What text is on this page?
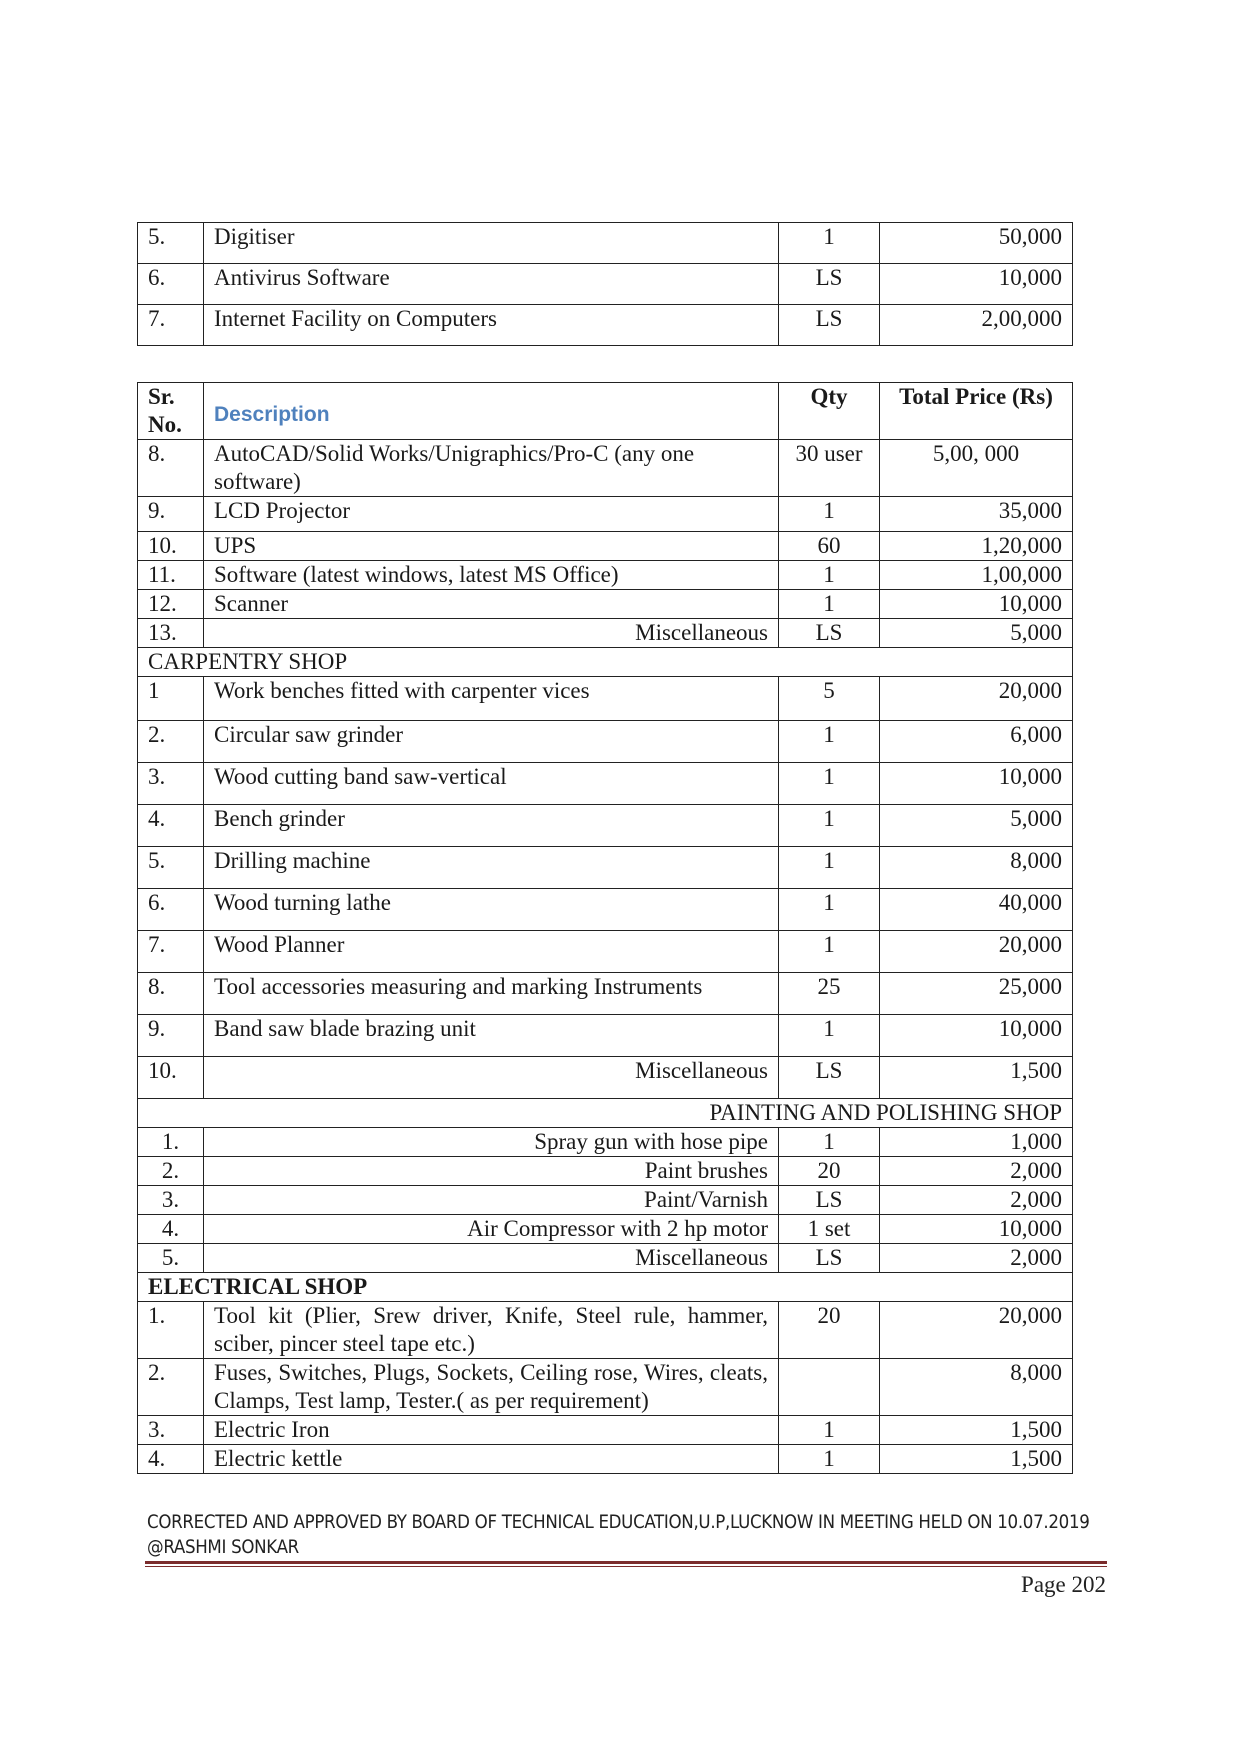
5.	Digitiser	1	50,000
6.	Antivirus Software	LS	10,000
7.	Internet Facility on Computers	LS	2,00,000
Sr. No.	Description	Qty	Total Price (Rs)
8.	AutoCAD/Solid Works/Unigraphics/Pro-C (any one software)	30 user	5,00, 000
9.	LCD Projector	1	35,000
10.	UPS	60	1,20,000
11.	Software (latest windows, latest MS Office)	1	1,00,000
12.	Scanner	1	10,000
13.	Miscellaneous	LS	5,000
CARPENTRY SHOP			
1	Work benches fitted with carpenter vices	5	20,000
2.	Circular saw grinder	1	6,000
3.	Wood cutting band saw-vertical	1	10,000
4.	Bench grinder	1	5,000
5.	Drilling machine	1	8,000
6.	Wood turning lathe	1	40,000
7.	Wood Planner	1	20,000
8.	Tool accessories measuring and marking Instruments	25	25,000
9.	Band saw blade brazing unit	1	10,000
10.	Miscellaneous	LS	1,500
PAINTING AND POLISHING SHOP			
1.	Spray gun with hose pipe	1	1,000
2.	Paint brushes	20	2,000
3.	Paint/Varnish	LS	2,000
4.	Air Compressor with 2 hp motor	1 set	10,000
5.	Miscellaneous	LS	2,000
ELECTRICAL SHOP			
1.	Tool kit (Plier, Srew driver, Knife, Steel rule, hammer, sciber, pincer steel tape etc.)	20	20,000
2.	Fuses, Switches, Plugs, Sockets, Ceiling rose, Wires, cleats, Clamps, Test lamp, Tester.( as per requirement)		8,000
3.	Electric Iron	1	1,500
4.	Electric kettle	1	1,500
CORRECTED AND APPROVED BY BOARD OF TECHNICAL EDUCATION,U.P,LUCKNOW IN MEETING HELD ON 10.07.2019 @RASHMI SONKAR
Page 202
